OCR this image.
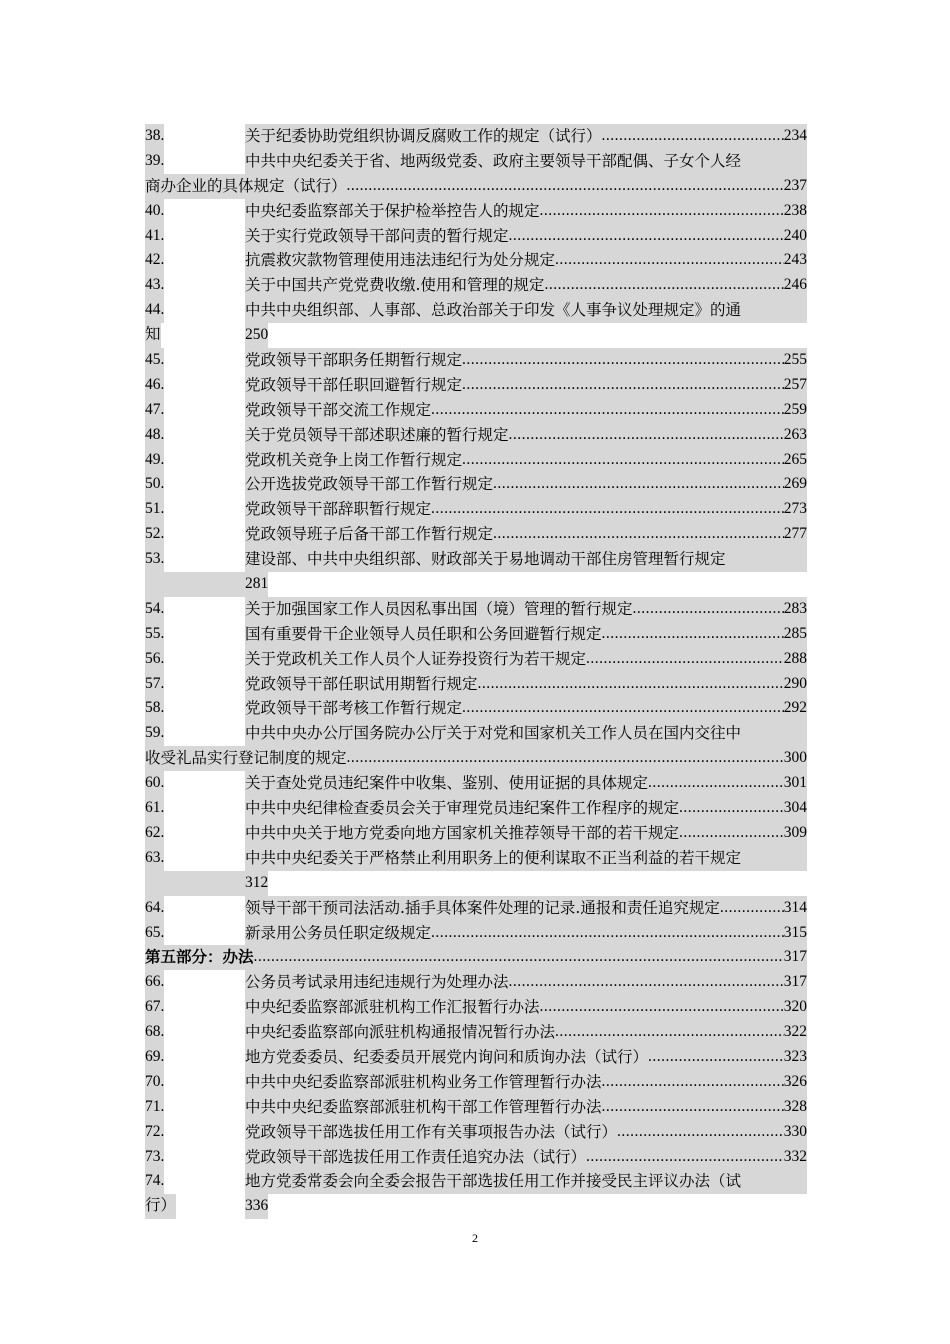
38.	关于纪委协助党组织协调反腐败工作的规定（试行） .....	234
39.	中共中央纪委关于省、地两级党委、政府主要领导干部配偶、子女个人经
商办企业的具体规定（试行） .....	237
40.	中央纪委监察部关于保护检举控告人的规定 .....	238
41.	关于实行党政领导干部问责的暂行规定 .....	240
42.	抗震救灾款物管理使用违法违纪行为处分规定 .....	243
43.	关于中国共产党党费收缴.使用和管理的规定 .....	246
44.	中共中央组织部、人事部、总政治部关于印发《人事争议处理规定》的通
知	250
45.	党政领导干部职务任期暂行规定 .....	255
46.	党政领导干部任职回避暂行规定 .....	257
47.	党政领导干部交流工作规定 .....	259
48.	关于党员领导干部述职述廉的暂行规定 .....	263
49.	党政机关竞争上岗工作暂行规定 .....	265
50.	公开选拔党政领导干部工作暂行规定 .....	269
51.	党政领导干部辞职暂行规定 .....	273
52.	党政领导班子后备干部工作暂行规定 .....	277
53.	建设部、中共中央组织部、财政部关于易地调动干部住房管理暂行规定

281
54.	关于加强国家工作人员因私事出国（境）管理的暂行规定 .....	283
55.	国有重要骨干企业领导人员任职和公务回避暂行规定 .....	285
56.	关于党政机关工作人员个人证券投资行为若干规定 .....	288
57.	党政领导干部任职试用期暂行规定 .....	290
58.	党政领导干部考核工作暂行规定 .....	292
59.	中共中央办公厅国务院办公厅关于对党和国家机关工作人员在国内交往中
收受礼品实行登记制度的规定 .....	300
60.	关于查处党员违纪案件中收集、鉴别、使用证据的具体规定 .....	301
61.	中共中央纪律检查委员会关于审理党员违纪案件工作程序的规定 .....	304
62.	中共中央关于地方党委向地方国家机关推荐领导干部的若干规定 .....	309
63.	中共中央纪委关于严格禁止利用职务上的便利谋取不正当利益的若干规定

312
64.	领导干部干预司法活动.插手具体案件处理的记录.通报和责任追究规定 .....	314
65.	新录用公务员任职定级规定 .....	315
第五部分：办法 .....	317
66.	公务员考试录用违纪违规行为处理办法 .....	317
67.	中央纪委监察部派驻机构工作汇报暂行办法 .....	320
68.	中央纪委监察部向派驻机构通报情况暂行办法 .....	322
69.	地方党委委员、纪委委员开展党内询问和质询办法（试行） .....	323
70.	中共中央纪委监察部派驻机构业务工作管理暂行办法 .....	326
71.	中共中央纪委监察部派驻机构干部工作管理暂行办法 .....	328
72.	党政领导干部选拔任用工作有关事项报告办法（试行） .....	330
73.	党政领导干部选拔任用工作责任追究办法（试行） .....	332
74.	地方党委常委会向全委会报告干部选拔任用工作并接受民主评议办法（试
行）	336
2
